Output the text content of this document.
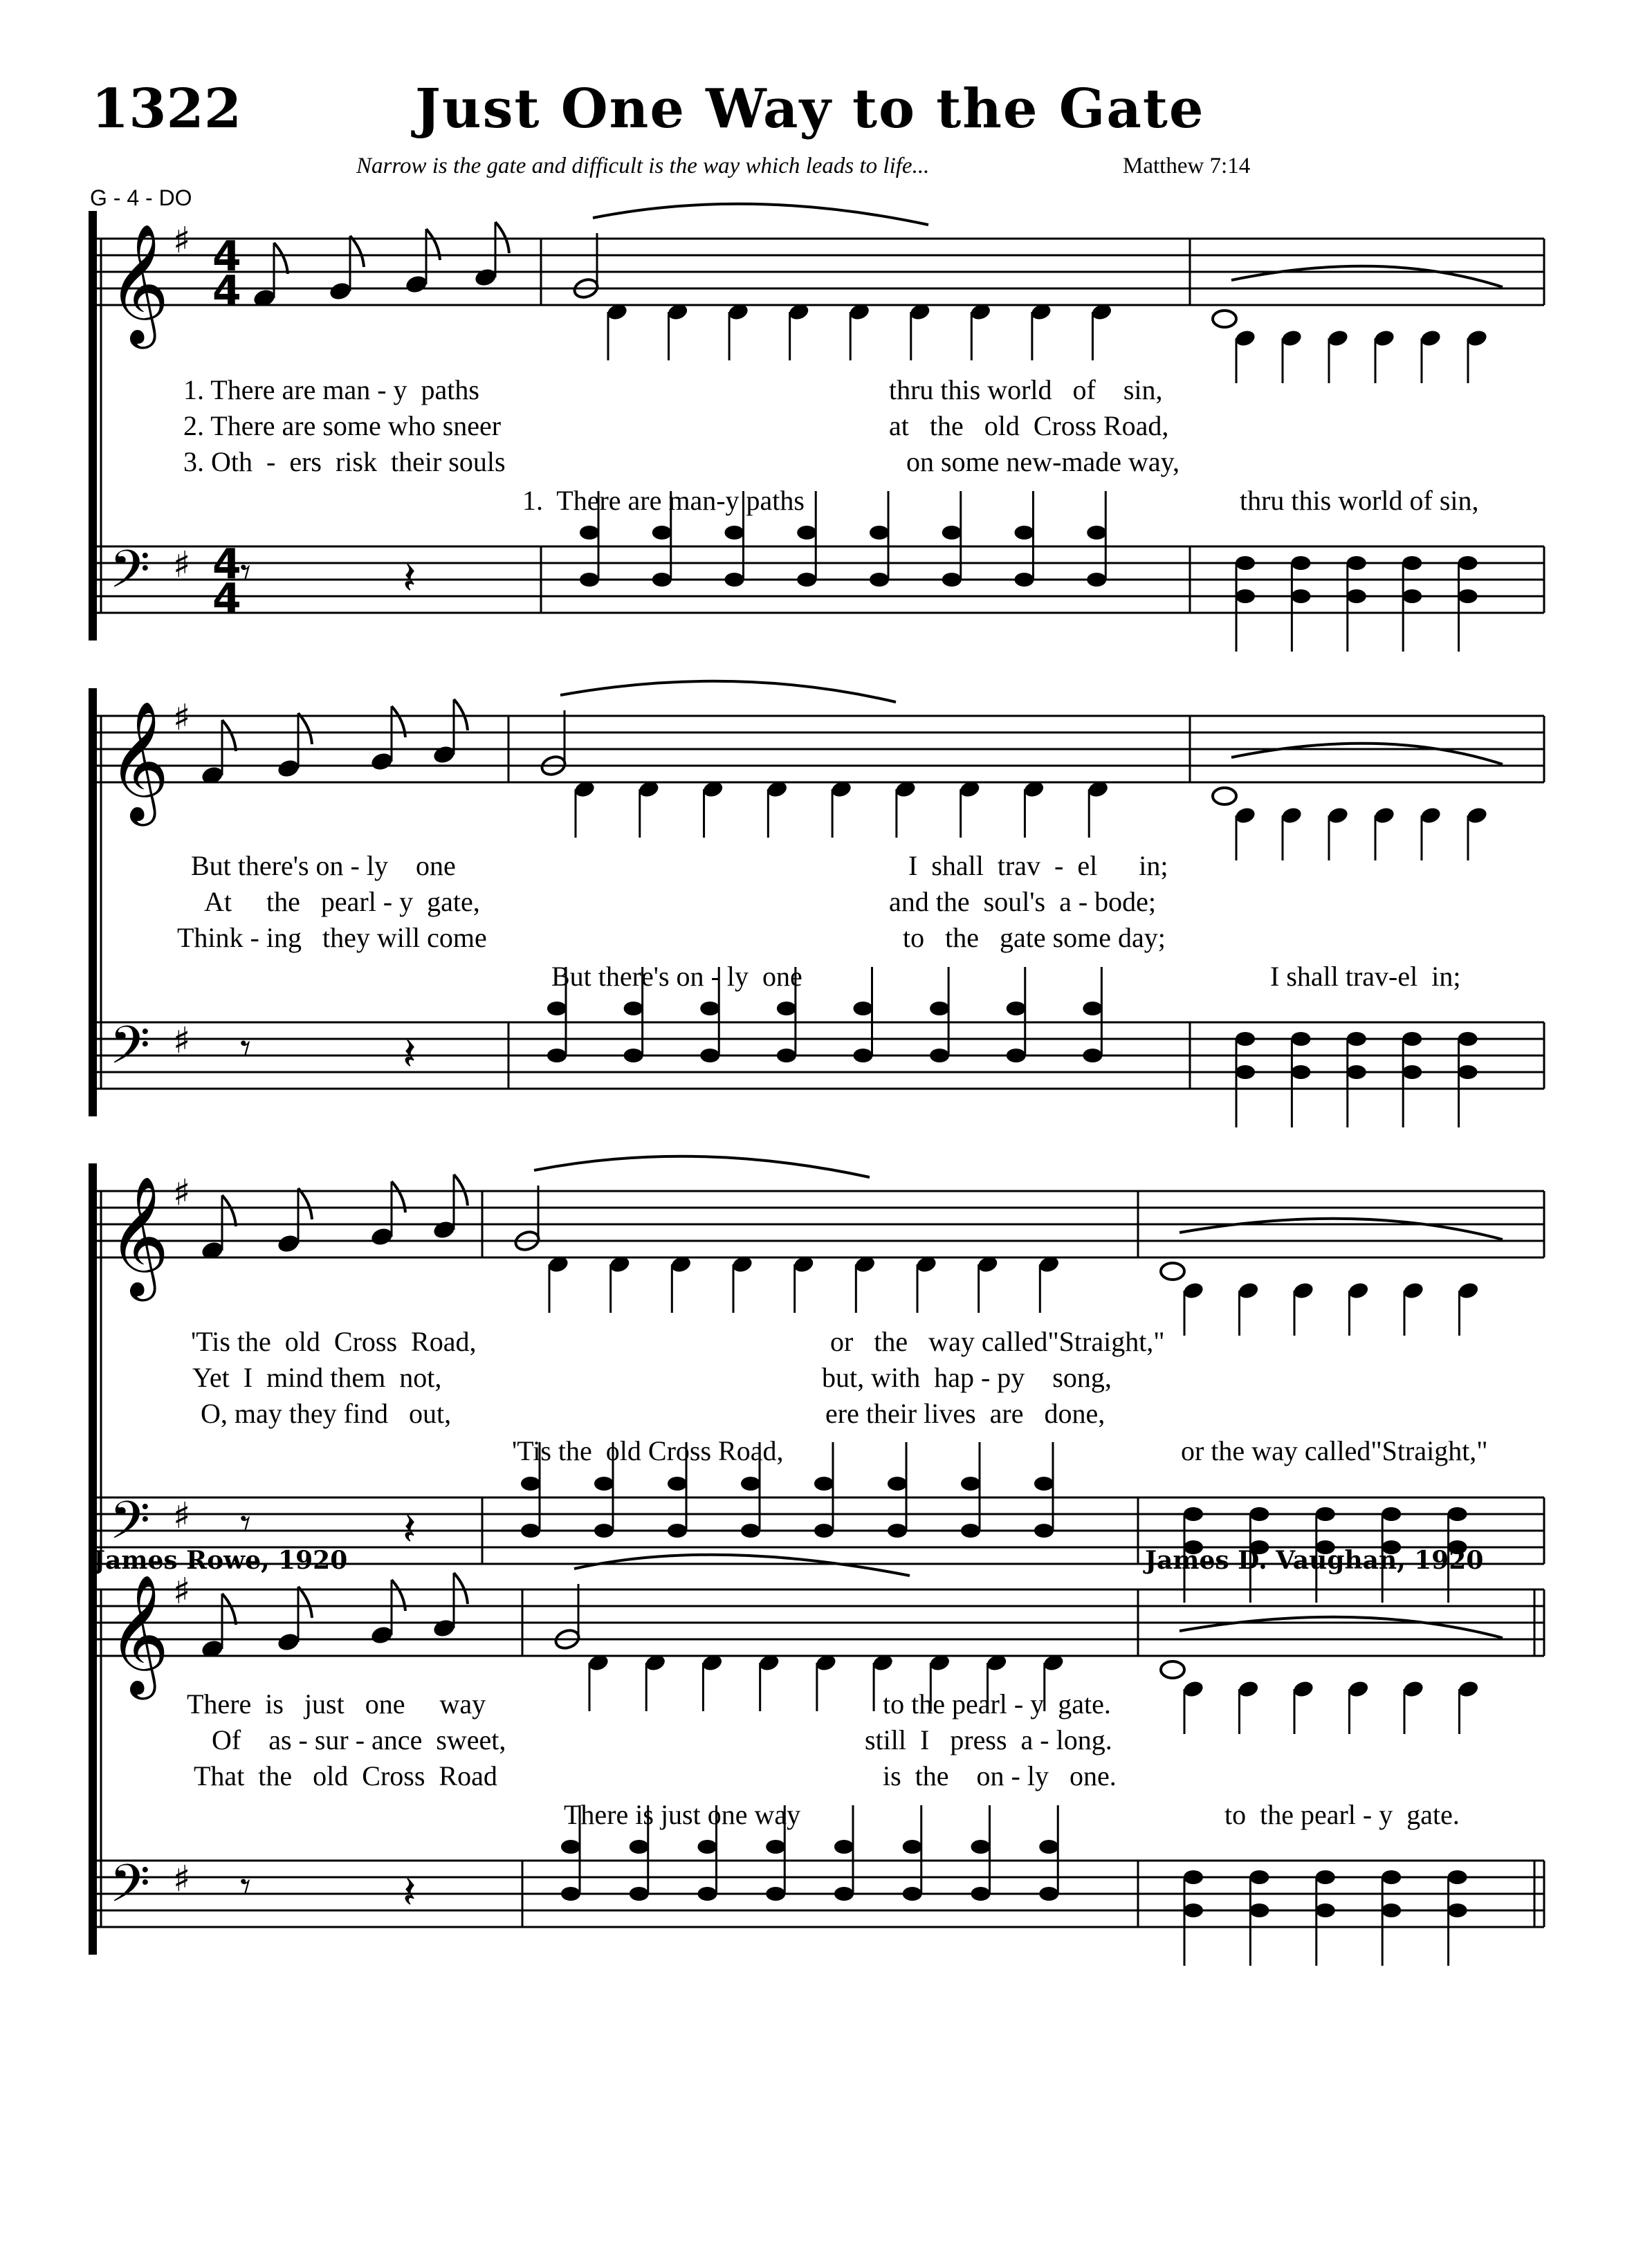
1322	Just One Way to the Gate
Narrow is the gate and difficult is the way which leads to life...	Matthew 7:14
G - 4 - DO
𝄞
𝄢
♯
♯
4
4
4
4
𝄾	𝄽
𝄞
𝄢
♯
♯ 𝄾	𝄽
𝄞
𝄢
♯
♯ 𝄾	𝄽
𝄞
𝄢
♯
♯ 𝄾	𝄽
1. There are man - y  paths	thru this world   of    sin,
2. There are some who sneer	at   the   old  Cross Road,
3. Oth  -  ers  risk  their souls	on some new-made way,
1.  There are man-y paths	thru this world of sin,
But there's on - ly    one	I  shall  trav  -  el      in;
At     the   pearl - y  gate,	and the  soul's  a - bode;
Think - ing   they will come	to   the   gate some day;
But there's on - ly  one	I shall trav-el  in;
'Tis the  old  Cross  Road,	or   the   way called"Straight,"
Yet  I  mind them  not,	but, with  hap - py    song,
O, may they find   out,	ere their lives  are   done,
'Tis the  old Cross Road,	or the way called"Straight,"
There  is   just   one     way	to the pearl - y  gate.
Of    as - sur - ance  sweet,	still  I   press  a - long.
That  the   old  Cross  Road	is  the    on - ly   one.
There is just one way	to  the pearl - y  gate.
James Rowe, 1920	James D. Vaughan, 1920
